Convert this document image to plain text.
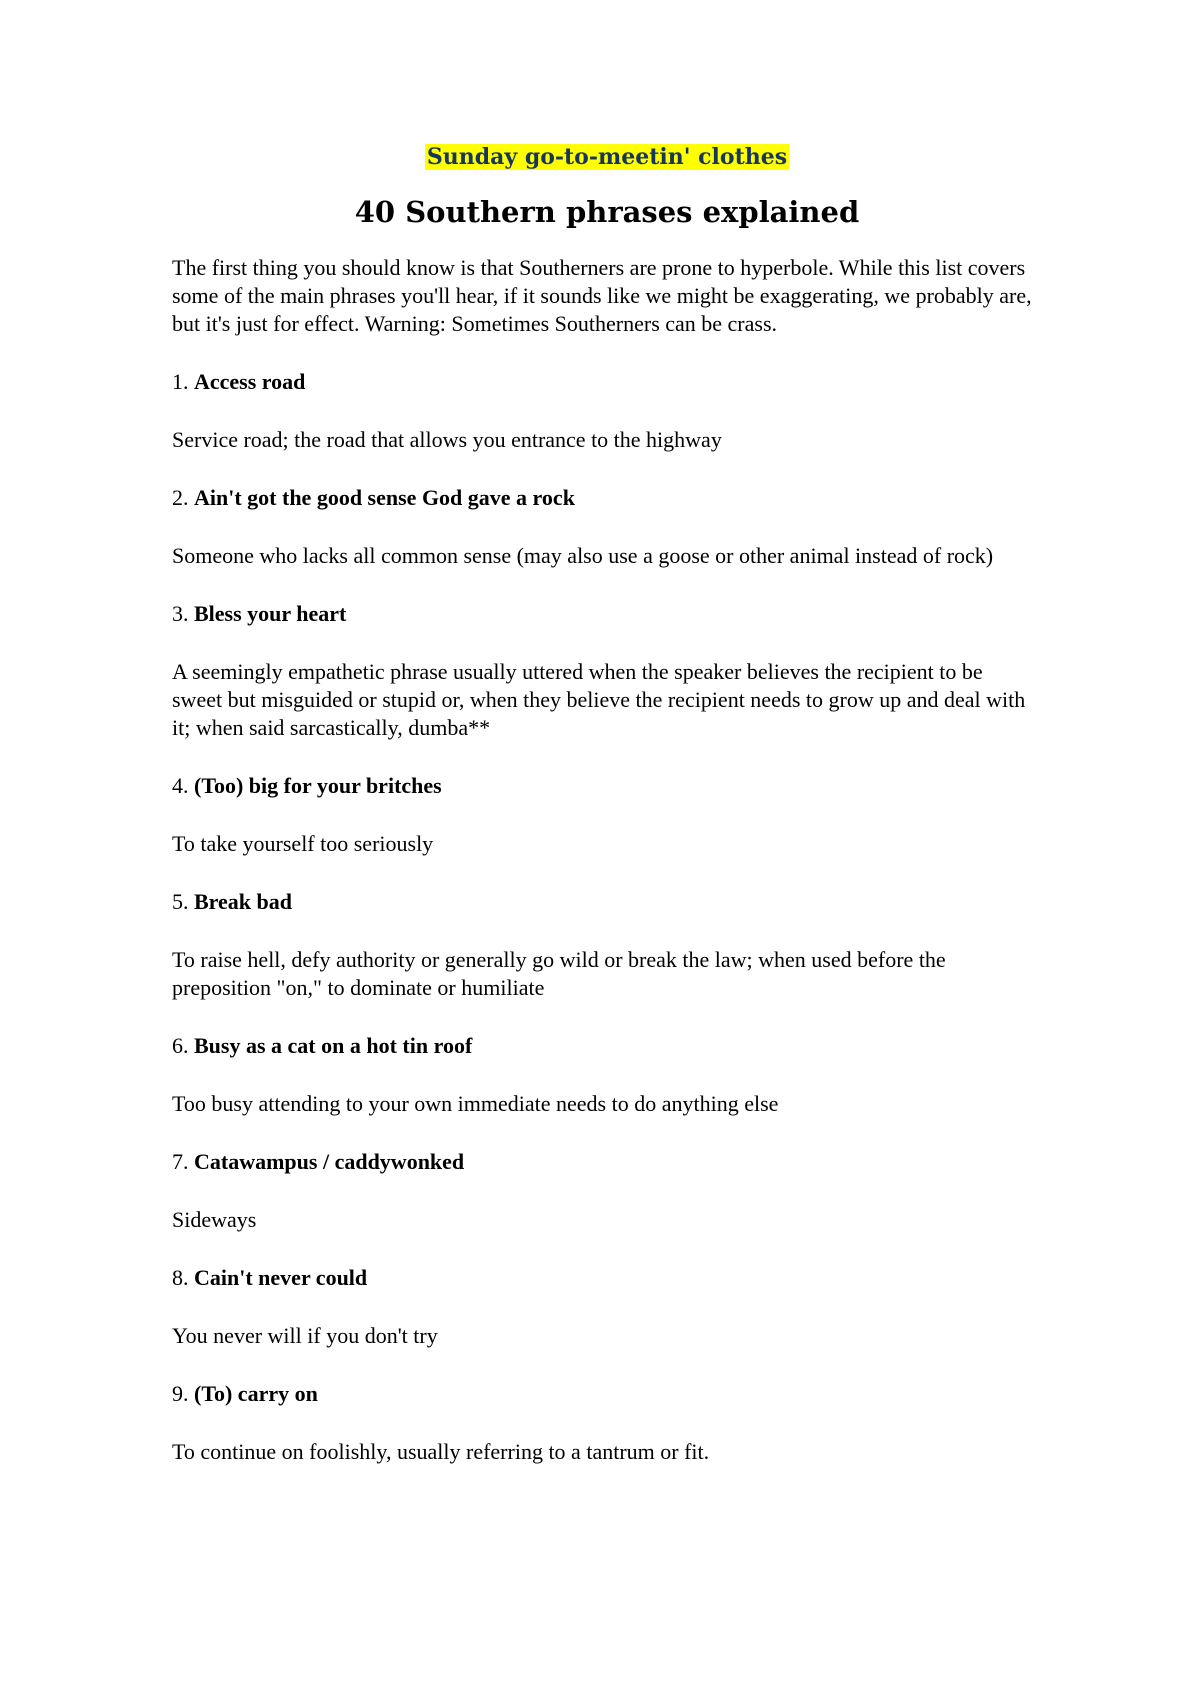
Sunday go-to-meetin' clothes
40 Southern phrases explained

The first thing you should know is that Southerners are prone to hyperbole. While this list covers some of the main phrases you'll hear, if it sounds like we might be exaggerating, we probably are, but it's just for effect. Warning: Sometimes Southerners can be crass.

1. Access road

Service road; the road that allows you entrance to the highway

2. Ain't got the good sense God gave a rock

Someone who lacks all common sense (may also use a goose or other animal instead of rock)

3. Bless your heart

A seemingly empathetic phrase usually uttered when the speaker believes the recipient to be sweet but misguided or stupid or, when they believe the recipient needs to grow up and deal with it; when said sarcastically, dumba**

4. (Too) big for your britches

To take yourself too seriously

5. Break bad

To raise hell, defy authority or generally go wild or break the law; when used before the preposition "on," to dominate or humiliate

6. Busy as a cat on a hot tin roof

Too busy attending to your own immediate needs to do anything else

7. Catawampus / caddywonked

Sideways

8. Cain't never could

You never will if you don't try

9. (To) carry on

To continue on foolishly, usually referring to a tantrum or fit.
